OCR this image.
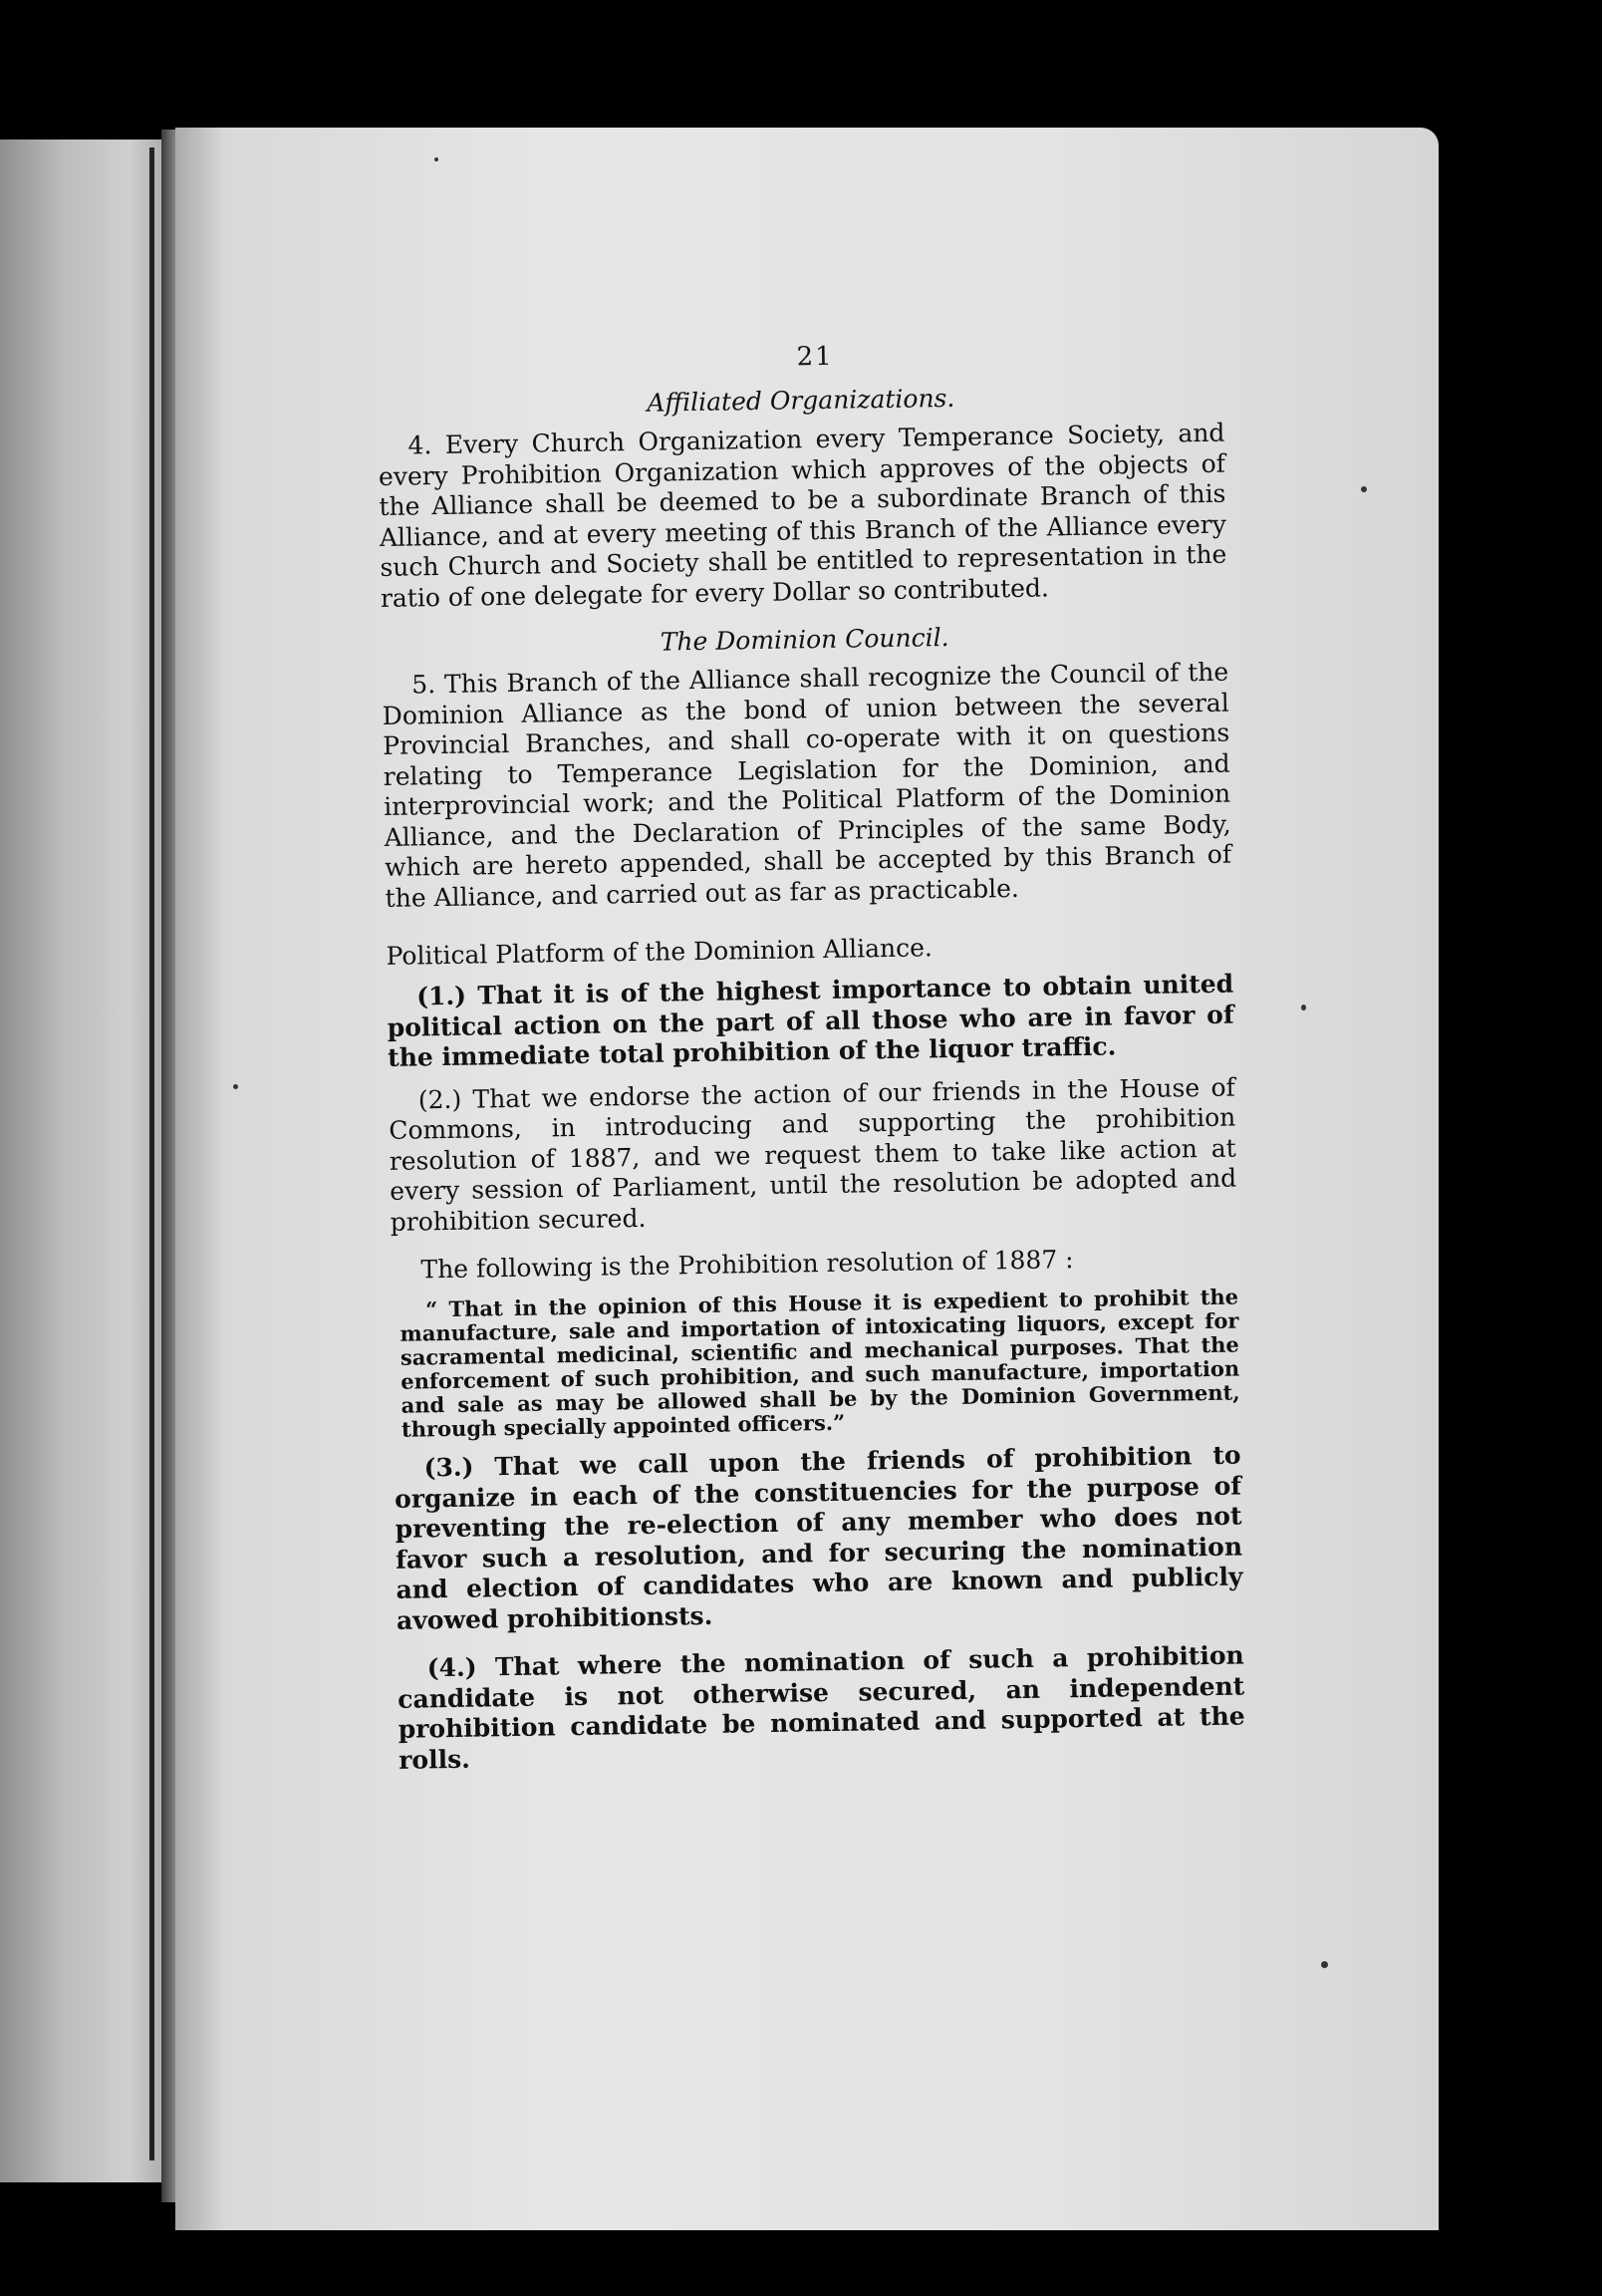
21
Affiliated Organizations.

4. Every Church Organization every Temperance Society, and every Prohibition Organization which approves of the objects of the Alliance shall be deemed to be a subordinate Branch of this Alliance, and at every meeting of this Branch of the Alliance every such Church and Society shall be entitled to representation in the ratio of one delegate for every Dollar so contributed.

The Dominion Council.

5. This Branch of the Alliance shall recognize the Council of the Dominion Alliance as the bond of union between the several Provincial Branches, and shall co-operate with it on questions relating to Temperance Legislation for the Dominion, and interprovincial work; and the Political Platform of the Dominion Alliance, and the Declaration of Principles of the same Body, which are hereto appended, shall be accepted by this Branch of the Alliance, and carried out as far as practicable.

Political Platform of the Dominion Alliance.

(1.) That it is of the highest importance to obtain united political action on the part of all those who are in favor of the immediate total prohibition of the liquor traffic.

(2.) That we endorse the action of our friends in the House of Commons, in introducing and supporting the prohibition resolution of 1887, and we request them to take like action at every session of Parliament, until the resolution be adopted and prohibition secured.

The following is the Prohibition resolution of 1887 :

“ That in the opinion of this House it is expedient to prohibit the manufacture, sale and importation of intoxicating liquors, except for sacramental medicinal, scientific and mechanical purposes. That the enforcement of such prohibition, and such manufacture, importation and sale as may be allowed shall be by the Dominion Government, through specially appointed officers.”

(3.) That we call upon the friends of prohibition to organize in each of the constituencies for the purpose of preventing the re-election of any member who does not favor such a resolution, and for securing the nomination and election of candidates who are known and publicly avowed prohibitionsts.

(4.) That where the nomination of such a prohibition candidate is not otherwise secured, an independent prohibition candidate be nominated and supported at the rolls.
